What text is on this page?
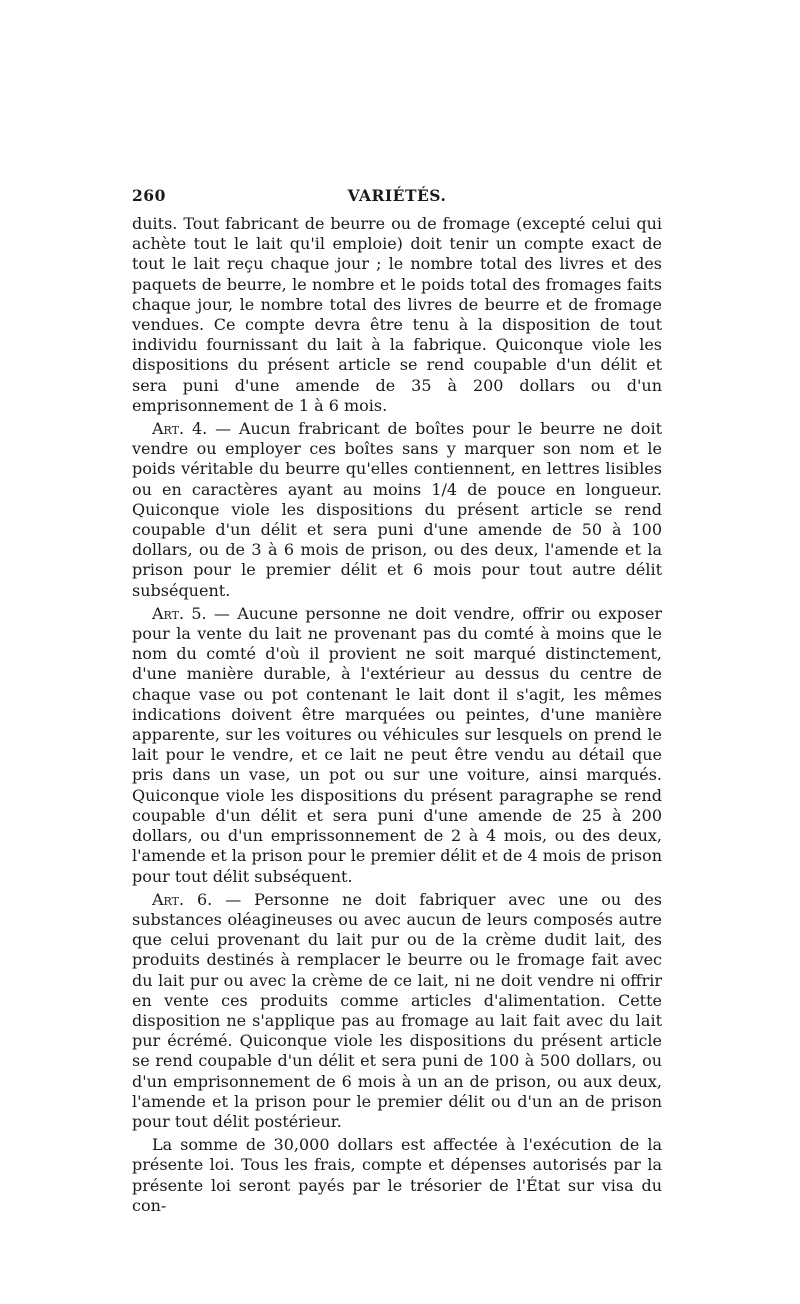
260	VARIÉTÉS.

duits. Tout fabricant de beurre ou de fromage (excepté celui qui achète tout le lait qu'il emploie) doit tenir un compte exact de tout le lait reçu chaque jour ; le nombre total des livres et des paquets de beurre, le nombre et le poids total des fromages faits chaque jour, le nombre total des livres de beurre et de fromage vendues. Ce compte devra être tenu à la disposition de tout individu fournissant du lait à la fabrique. Quiconque viole les dispositions du présent article se rend coupable d'un délit et sera puni d'une amende de 35 à 200 dollars ou d'un emprisonnement de 1 à 6 mois.

Art. 4. — Aucun frabricant de boîtes pour le beurre ne doit vendre ou employer ces boîtes sans y marquer son nom et le poids véritable du beurre qu'elles contiennent, en lettres lisibles ou en caractères ayant au moins 1/4 de pouce en longueur. Quiconque viole les dispositions du présent article se rend coupable d'un délit et sera puni d'une amende de 50 à 100 dollars, ou de 3 à 6 mois de prison, ou des deux, l'amende et la prison pour le premier délit et 6 mois pour tout autre délit subséquent.

Art. 5. — Aucune personne ne doit vendre, offrir ou exposer pour la vente du lait ne provenant pas du comté à moins que le nom du comté d'où il provient ne soit marqué distinctement, d'une manière durable, à l'extérieur au dessus du centre de chaque vase ou pot contenant le lait dont il s'agit, les mêmes indications doivent être marquées ou peintes, d'une manière apparente, sur les voitures ou véhicules sur lesquels on prend le lait pour le vendre, et ce lait ne peut être vendu au détail que pris dans un vase, un pot ou sur une voiture, ainsi marqués. Quiconque viole les dispositions du présent paragraphe se rend coupable d'un délit et sera puni d'une amende de 25 à 200 dollars, ou d'un emprissonnement de 2 à 4 mois, ou des deux, l'amende et la prison pour le premier délit et de 4 mois de prison pour tout délit subséquent.

Art. 6. — Personne ne doit fabriquer avec une ou des substances oléagineuses ou avec aucun de leurs composés autre que celui provenant du lait pur ou de la crème dudit lait, des produits destinés à remplacer le beurre ou le fromage fait avec du lait pur ou avec la crème de ce lait, ni ne doit vendre ni offrir en vente ces produits comme articles d'alimentation. Cette disposition ne s'applique pas au fromage au lait fait avec du lait pur écrémé. Quiconque viole les dispositions du présent article se rend coupable d'un délit et sera puni de 100 à 500 dollars, ou d'un emprisonnement de 6 mois à un an de prison, ou aux deux, l'amende et la prison pour le premier délit ou d'un an de prison pour tout délit postérieur.

La somme de 30,000 dollars est affectée à l'exécution de la présente loi. Tous les frais, compte et dépenses autorisés par la présente loi seront payés par le trésorier de l'État sur visa du con-
